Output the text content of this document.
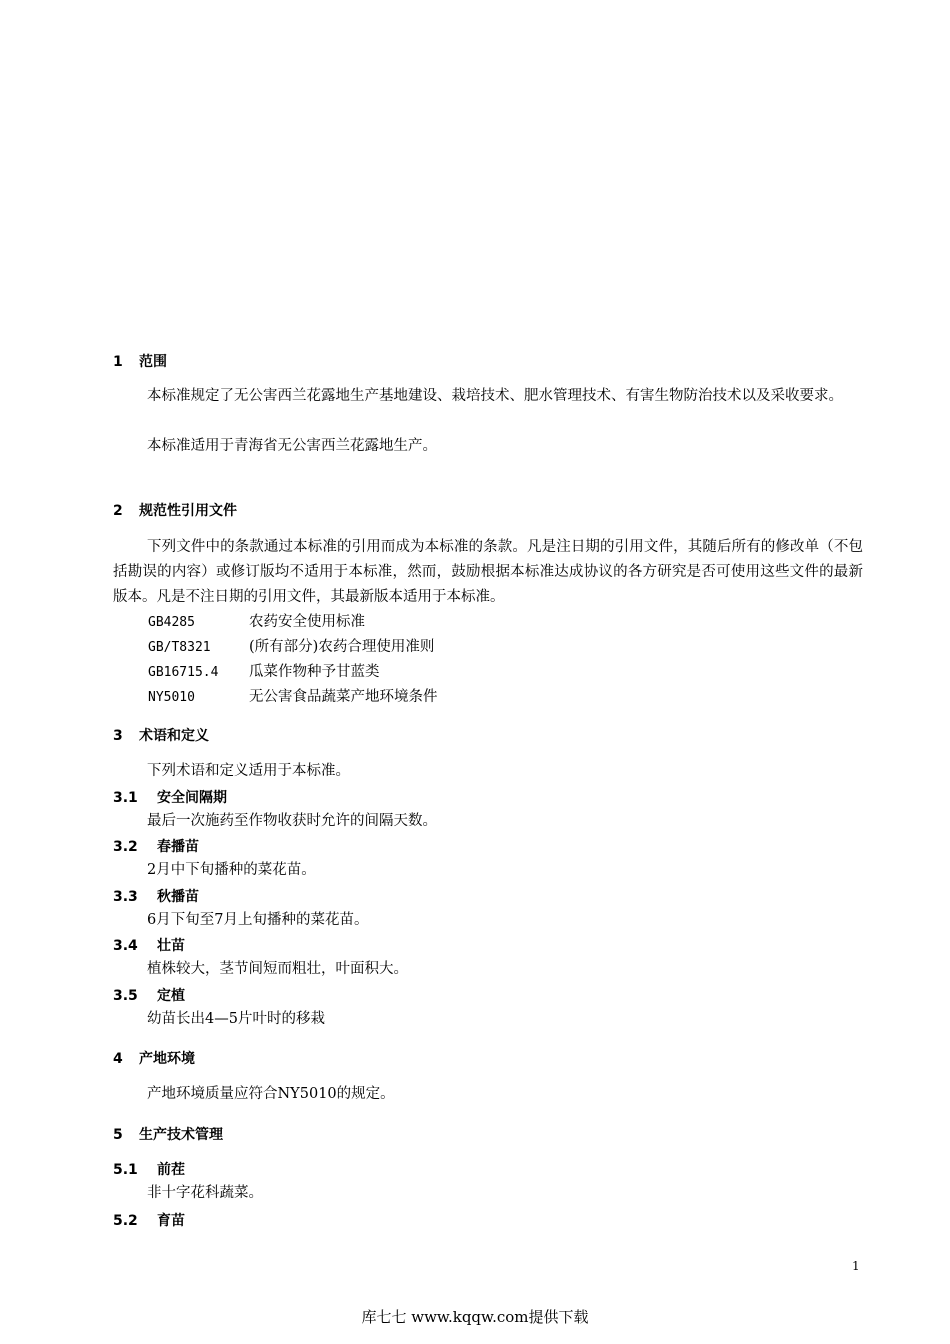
1 范围
本标准规定了无公害西兰花露地生产基地建设、栽培技术、肥水管理技术、有害生物防治技术以及采收要求。
本标准适用于青海省无公害西兰花露地生产。
2 规范性引用文件
下列文件中的条款通过本标准的引用而成为本标准的条款。凡是注日期的引用文件，其随后所有的修改单（不包括勘误的内容）或修订版均不适用于本标准，然而，鼓励根据本标准达成协议的各方研究是否可使用这些文件的最新版本。凡是不注日期的引用文件，其最新版本适用于本标准。
GB4285	农药安全使用标准
GB/T8321	(所有部分)农药合理使用准则
GB16715.4 瓜菜作物种予甘蓝类
NY5010	无公害食品蔬菜产地环境条件
3 术语和定义
下列术语和定义适用于本标准。
3.1 安全间隔期
最后一次施药至作物收获时允许的间隔天数。
3.2 春播苗
2月中下旬播种的菜花苗。
3.3 秋播苗
6月下旬至7月上旬播种的菜花苗。
3.4 壮苗
植株较大，茎节间短而粗壮，叶面积大。
3.5 定植
幼苗长出4—5片叶时的移栽
4 产地环境
产地环境质量应符合NY5010的规定。
5 生产技术管理
5.1 前茬
非十字花科蔬菜。
5.2 育苗
1
库七七 www.kqqw.com提供下载
